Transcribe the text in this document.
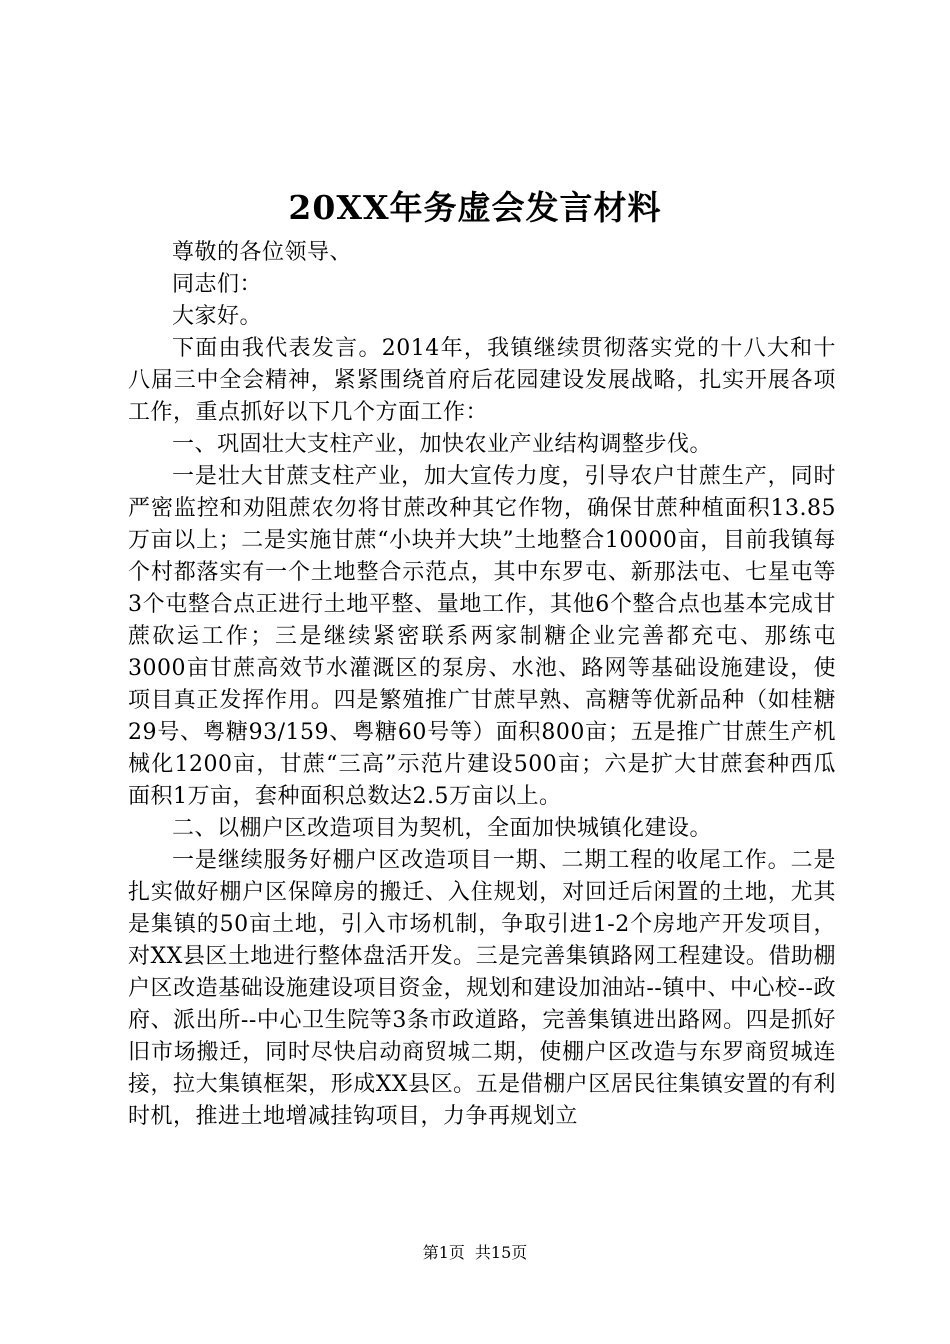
20XX年务虚会发言材料

尊敬的各位领导、

同志们：

大家好。

下面由我代表发言。2014年，我镇继续贯彻落实党的十八大和十八届三中全会精神，紧紧围绕首府后花园建设发展战略，扎实开展各项工作，重点抓好以下几个方面工作：

一、巩固壮大支柱产业，加快农业产业结构调整步伐。

一是壮大甘蔗支柱产业，加大宣传力度，引导农户甘蔗生产，同时严密监控和劝阻蔗农勿将甘蔗改种其它作物，确保甘蔗种植面积13.85万亩以上；二是实施甘蔗“小块并大块”土地整合10000亩，目前我镇每个村都落实有一个土地整合示范点，其中东罗屯、新那法屯、七星屯等3个屯整合点正进行土地平整、量地工作，其他6个整合点也基本完成甘蔗砍运工作；三是继续紧密联系两家制糖企业完善都充屯、那练屯3000亩甘蔗高效节水灌溉区的泵房、水池、路网等基础设施建设，使项目真正发挥作用。四是繁殖推广甘蔗早熟、高糖等优新品种（如桂糖29号、粤糖93/159、粤糖60号等）面积800亩；五是推广甘蔗生产机械化1200亩，甘蔗“三高”示范片建设500亩；六是扩大甘蔗套种西瓜面积1万亩，套种面积总数达2.5万亩以上。

二、以棚户区改造项目为契机，全面加快城镇化建设。

一是继续服务好棚户区改造项目一期、二期工程的收尾工作。二是扎实做好棚户区保障房的搬迁、入住规划，对回迁后闲置的土地，尤其是集镇的50亩土地，引入市场机制，争取引进1-2个房地产开发项目，对XX县区土地进行整体盘活开发。三是完善集镇路网工程建设。借助棚户区改造基础设施建设项目资金，规划和建设加油站--镇中、中心校--政府、派出所--中心卫生院等3条市政道路，完善集镇进出路网。四是抓好旧市场搬迁，同时尽快启动商贸城二期，使棚户区改造与东罗商贸城连接，拉大集镇框架，形成XX县区。五是借棚户区居民往集镇安置的有利时机，推进土地增减挂钩项目，力争再规划立

第1页 共15页
